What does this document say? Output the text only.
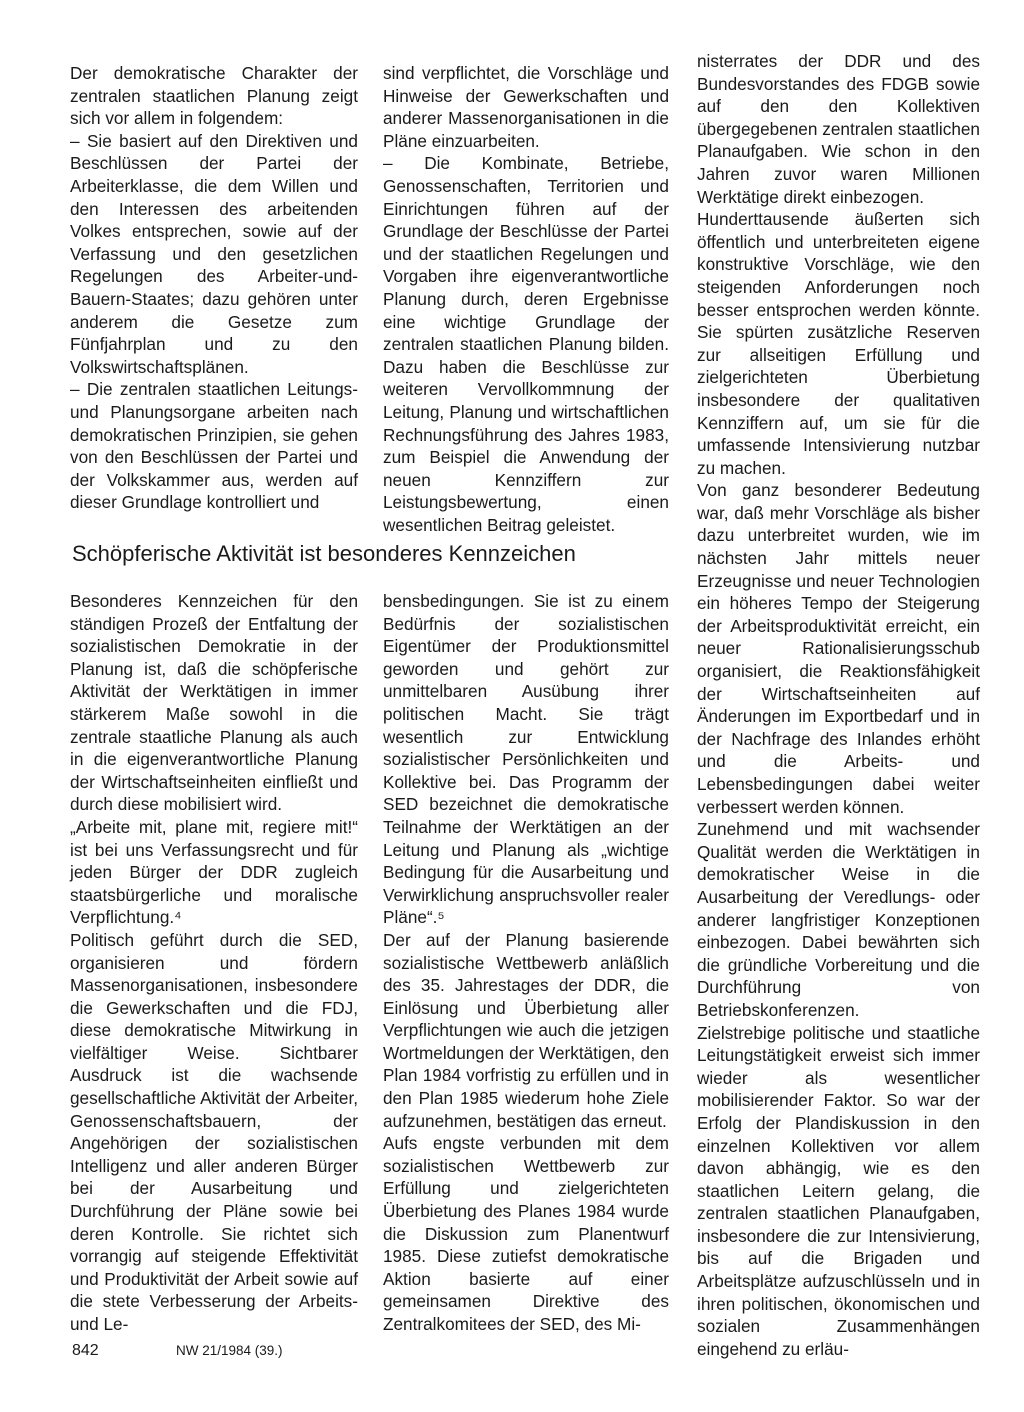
Der demokratische Charakter der zentralen staatlichen Planung zeigt sich vor allem in folgendem:

– Sie basiert auf den Direktiven und Beschlüssen der Partei der Arbeiterklasse, die dem Willen und den Interessen des arbeitenden Volkes entsprechen, sowie auf der Verfassung und den gesetzlichen Regelungen des Arbeiter-und-Bauern-Staates; dazu gehören unter anderem die Gesetze zum Fünfjahrplan und zu den Volkswirtschaftsplänen.

– Die zentralen staatlichen Leitungs- und Planungsorgane arbeiten nach demokratischen Prinzipien, sie gehen von den Beschlüssen der Partei und der Volkskammer aus, werden auf dieser Grundlage kontrolliert und

sind verpflichtet, die Vorschläge und Hinweise der Gewerkschaften und anderer Massenorganisationen in die Pläne einzuarbeiten.

– Die Kombinate, Betriebe, Genossenschaften, Territorien und Einrichtungen führen auf der Grundlage der Beschlüsse der Partei und der staatlichen Regelungen und Vorgaben ihre eigenverantwortliche Planung durch, deren Ergebnisse eine wichtige Grundlage der zentralen staatlichen Planung bilden. Dazu haben die Beschlüsse zur weiteren Vervollkommnung der Leitung, Planung und wirtschaftlichen Rechnungsführung des Jahres 1983, zum Beispiel die Anwendung der neuen Kennziffern zur Leistungsbewertung, einen wesentlichen Beitrag geleistet.

nisterrates der DDR und des Bundesvorstandes des FDGB sowie auf den den Kollektiven übergegebenen zentralen staatlichen Planaufgaben. Wie schon in den Jahren zuvor waren Millionen Werktätige direkt einbezogen.

Hunderttausende äußerten sich öffentlich und unterbreiteten eigene konstruktive Vorschläge, wie den steigenden Anforderungen noch besser entsprochen werden könnte. Sie spürten zusätzliche Reserven zur allseitigen Erfüllung und zielgerichteten Überbietung insbesondere der qualitativen Kennziffern auf, um sie für die umfassende Intensivierung nutzbar zu machen.

Von ganz besonderer Bedeutung war, daß mehr Vorschläge als bisher dazu unterbreitet wurden, wie im nächsten Jahr mittels neuer Erzeugnisse und neuer Technologien ein höheres Tempo der Steigerung der Arbeitsproduktivität erreicht, ein neuer Rationalisierungsschub organisiert, die Reaktionsfähigkeit der Wirtschaftseinheiten auf Änderungen im Exportbedarf und in der Nachfrage des Inlandes erhöht und die Arbeits- und Lebensbedingungen dabei weiter verbessert werden können.

Zunehmend und mit wachsender Qualität werden die Werktätigen in demokratischer Weise in die Ausarbeitung der Veredlungs- oder anderer langfristiger Konzeptionen einbezogen. Dabei bewährten sich die gründliche Vorbereitung und die Durchführung von Betriebskonferenzen.

Zielstrebige politische und staatliche Leitungstätigkeit erweist sich immer wieder als wesentlicher mobilisierender Faktor. So war der Erfolg der Plandiskussion in den einzelnen Kollektiven vor allem davon abhängig, wie es den staatlichen Leitern gelang, die zentralen staatlichen Planaufgaben, insbesondere die zur Intensivierung, bis auf die Brigaden und Arbeitsplätze aufzuschlüsseln und in ihren politischen, ökonomischen und sozialen Zusammenhängen eingehend zu erläu-

Schöpferische Aktivität ist besonderes Kennzeichen

Besonderes Kennzeichen für den ständigen Prozeß der Entfaltung der sozialistischen Demokratie in der Planung ist, daß die schöpferische Aktivität der Werktätigen in immer stärkerem Maße sowohl in die zentrale staatliche Planung als auch in die eigenverantwortliche Planung der Wirtschaftseinheiten einfließt und durch diese mobilisiert wird.

„Arbeite mit, plane mit, regiere mit!“ ist bei uns Verfassungsrecht und für jeden Bürger der DDR zugleich staatsbürgerliche und moralische Verpflichtung.⁴

Politisch geführt durch die SED, organisieren und fördern Massenorganisationen, insbesondere die Gewerkschaften und die FDJ, diese demokratische Mitwirkung in vielfältiger Weise. Sichtbarer Ausdruck ist die wachsende gesellschaftliche Aktivität der Arbeiter, Genossenschaftsbauern, der Angehörigen der sozialistischen Intelligenz und aller anderen Bürger bei der Ausarbeitung und Durchführung der Pläne sowie bei deren Kontrolle. Sie richtet sich vorrangig auf steigende Effektivität und Produktivität der Arbeit sowie auf die stete Verbesserung der Arbeits- und Le-

bensbedingungen. Sie ist zu einem Bedürfnis der sozialistischen Eigentümer der Produktionsmittel geworden und gehört zur unmittelbaren Ausübung ihrer politischen Macht. Sie trägt wesentlich zur Entwicklung sozialistischer Persönlichkeiten und Kollektive bei. Das Programm der SED bezeichnet die demokratische Teilnahme der Werktätigen an der Leitung und Planung als „wichtige Bedingung für die Ausarbeitung und Verwirklichung anspruchsvoller realer Pläne“.⁵

Der auf der Planung basierende sozialistische Wettbewerb anläßlich des 35. Jahrestages der DDR, die Einlösung und Überbietung aller Verpflichtungen wie auch die jetzigen Wortmeldungen der Werktätigen, den Plan 1984 vorfristig zu erfüllen und in den Plan 1985 wiederum hohe Ziele aufzunehmen, bestätigen das erneut.

Aufs engste verbunden mit dem sozialistischen Wettbewerb zur Erfüllung und zielgerichteten Überbietung des Planes 1984 wurde die Diskussion zum Planentwurf 1985. Diese zutiefst demokratische Aktion basierte auf einer gemeinsamen Direktive des Zentralkomitees der SED, des Mi-

842	NW 21/1984 (39.)
